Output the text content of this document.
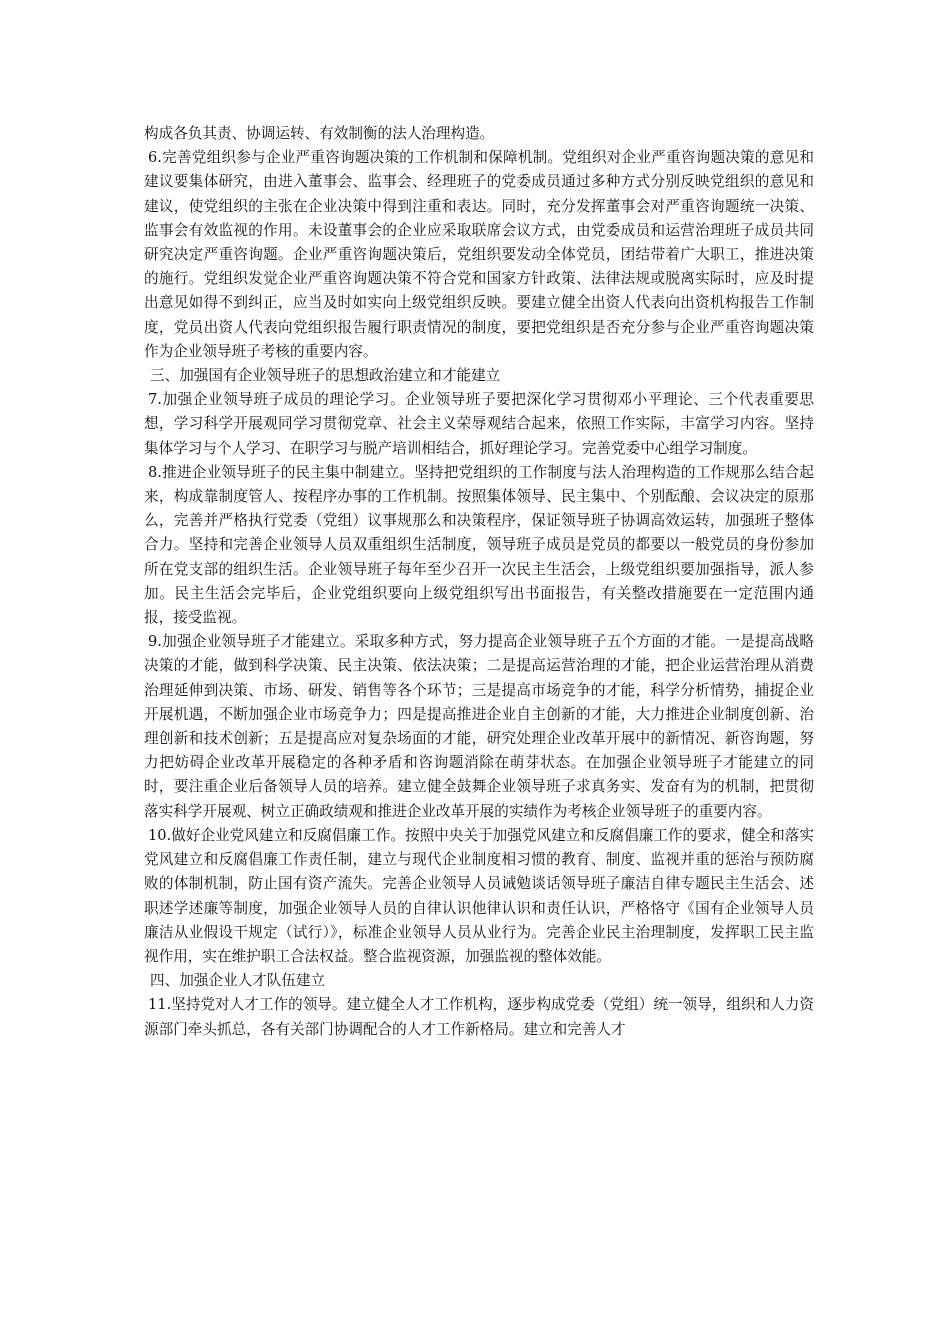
构成各负其责、协调运转、有效制衡的法人治理构造。

6.完善党组织参与企业严重咨询题决策的工作机制和保障机制。党组织对企业严重咨询题决策的意见和建议要集体研究，由进入董事会、监事会、经理班子的党委成员通过多种方式分别反映党组织的意见和建议，使党组织的主张在企业决策中得到注重和表达。同时，充分发挥董事会对严重咨询题统一决策、监事会有效监视的作用。未设董事会的企业应采取联席会议方式，由党委成员和运营治理班子成员共同研究决定严重咨询题。企业严重咨询题决策后，党组织要发动全体党员，团结带着广大职工，推进决策的施行。党组织发觉企业严重咨询题决策不符合党和国家方针政策、法律法规或脱离实际时，应及时提出意见如得不到纠正，应当及时如实向上级党组织反映。要建立健全出资人代表向出资机构报告工作制度，党员出资人代表向党组织报告履行职责情况的制度，要把党组织是否充分参与企业严重咨询题决策作为企业领导班子考核的重要内容。

三、加强国有企业领导班子的思想政治建立和才能建立

7.加强企业领导班子成员的理论学习。企业领导班子要把深化学习贯彻邓小平理论、三个代表重要思想，学习科学开展观同学习贯彻党章、社会主义荣辱观结合起来，依照工作实际，丰富学习内容。坚持集体学习与个人学习、在职学习与脱产培训相结合，抓好理论学习。完善党委中心组学习制度。

8.推进企业领导班子的民主集中制建立。坚持把党组织的工作制度与法人治理构造的工作规那么结合起来，构成靠制度管人、按程序办事的工作机制。按照集体领导、民主集中、个别酝酿、会议决定的原那么，完善并严格执行党委（党组）议事规那么和决策程序，保证领导班子协调高效运转，加强班子整体合力。坚持和完善企业领导人员双重组织生活制度，领导班子成员是党员的都要以一般党员的身份参加所在党支部的组织生活。企业领导班子每年至少召开一次民主生活会，上级党组织要加强指导，派人参加。民主生活会完毕后，企业党组织要向上级党组织写出书面报告，有关整改措施要在一定范围内通报，接受监视。

9.加强企业领导班子才能建立。采取多种方式，努力提高企业领导班子五个方面的才能。一是提高战略决策的才能，做到科学决策、民主决策、依法决策；二是提高运营治理的才能，把企业运营治理从消费治理延伸到决策、市场、研发、销售等各个环节；三是提高市场竞争的才能，科学分析情势，捕捉企业开展机遇，不断加强企业市场竞争力；四是提高推进企业自主创新的才能，大力推进企业制度创新、治理创新和技术创新；五是提高应对复杂场面的才能，研究处理企业改革开展中的新情况、新咨询题，努力把妨碍企业改革开展稳定的各种矛盾和咨询题消除在萌芽状态。在加强企业领导班子才能建立的同时，要注重企业后备领导人员的培养。建立健全鼓舞企业领导班子求真务实、发奋有为的机制，把贯彻落实科学开展观、树立正确政绩观和推进企业改革开展的实绩作为考核企业领导班子的重要内容。

10.做好企业党风建立和反腐倡廉工作。按照中央关于加强党风建立和反腐倡廉工作的要求，健全和落实党风建立和反腐倡廉工作责任制，建立与现代企业制度相习惯的教育、制度、监视并重的惩治与预防腐败的体制机制，防止国有资产流失。完善企业领导人员诫勉谈话领导班子廉洁自律专题民主生活会、述职述学述廉等制度，加强企业领导人员的自律认识他律认识和责任认识，严格恪守《国有企业领导人员廉洁从业假设干规定（试行）》，标准企业领导人员从业行为。完善企业民主治理制度，发挥职工民主监视作用，实在维护职工合法权益。整合监视资源，加强监视的整体效能。

四、加强企业人才队伍建立

11.坚持党对人才工作的领导。建立健全人才工作机构，逐步构成党委（党组）统一领导，组织和人力资源部门牵头抓总，各有关部门协调配合的人才工作新格局。建立和完善人才
